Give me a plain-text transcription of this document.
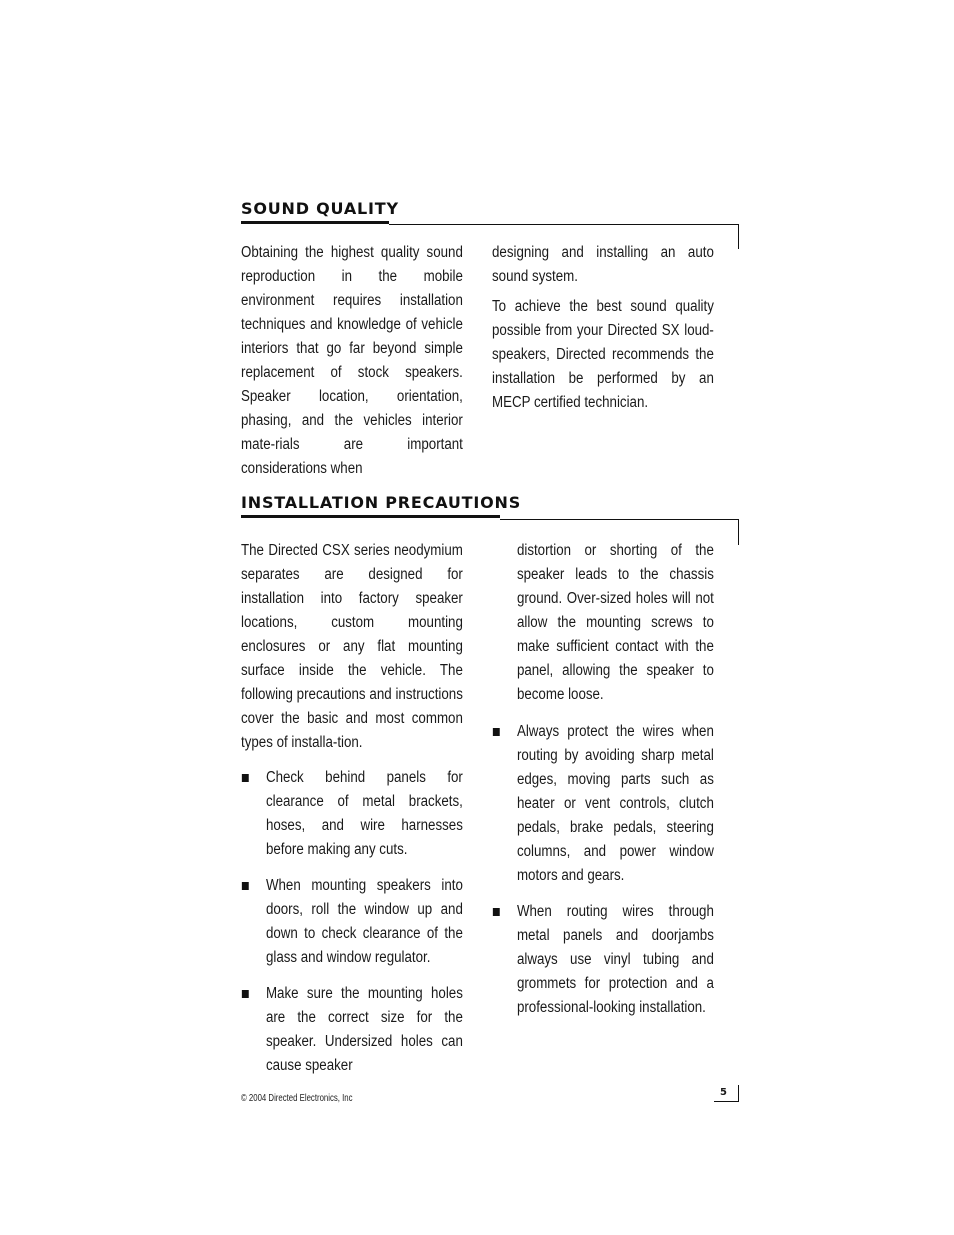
SOUND QUALITY

Obtaining the highest quality sound reproduction in the mobile environment requires installation techniques and knowledge of vehicle interiors that go far beyond simple replacement of stock speakers. Speaker location, orientation, phasing, and the vehicles interior mate-rials are important considerations when

designing and installing an auto sound system.

To achieve the best sound quality possible from your Directed SX loud-speakers, Directed recommends the installation be performed by an MECP certified technician.

INSTALLATION PRECAUTIONS

The Directed CSX series neodymium separates are designed for installation into factory speaker locations, custom mounting enclosures or any flat mounting surface inside the vehicle. The following precautions and instructions cover the basic and most common types of installa-tion.

Check behind panels for clearance of metal brackets, hoses, and wire harnesses before making any cuts.
When mounting speakers into doors, roll the window up and down to check clearance of the glass and window regulator.
Make sure the mounting holes are the correct size for the speaker. Undersized holes can cause speaker
distortion or shorting of the speaker leads to the chassis ground. Over-sized holes will not allow the mounting screws to make sufficient contact with the panel, allowing the speaker to become loose.
Always protect the wires when routing by avoiding sharp metal edges, moving parts such as heater or vent controls, clutch pedals, brake pedals, steering columns, and power window motors and gears.
When routing wires through metal panels and doorjambs always use vinyl tubing and grommets for protection and a professional-looking installation.
© 2004 Directed Electronics, Inc
5
